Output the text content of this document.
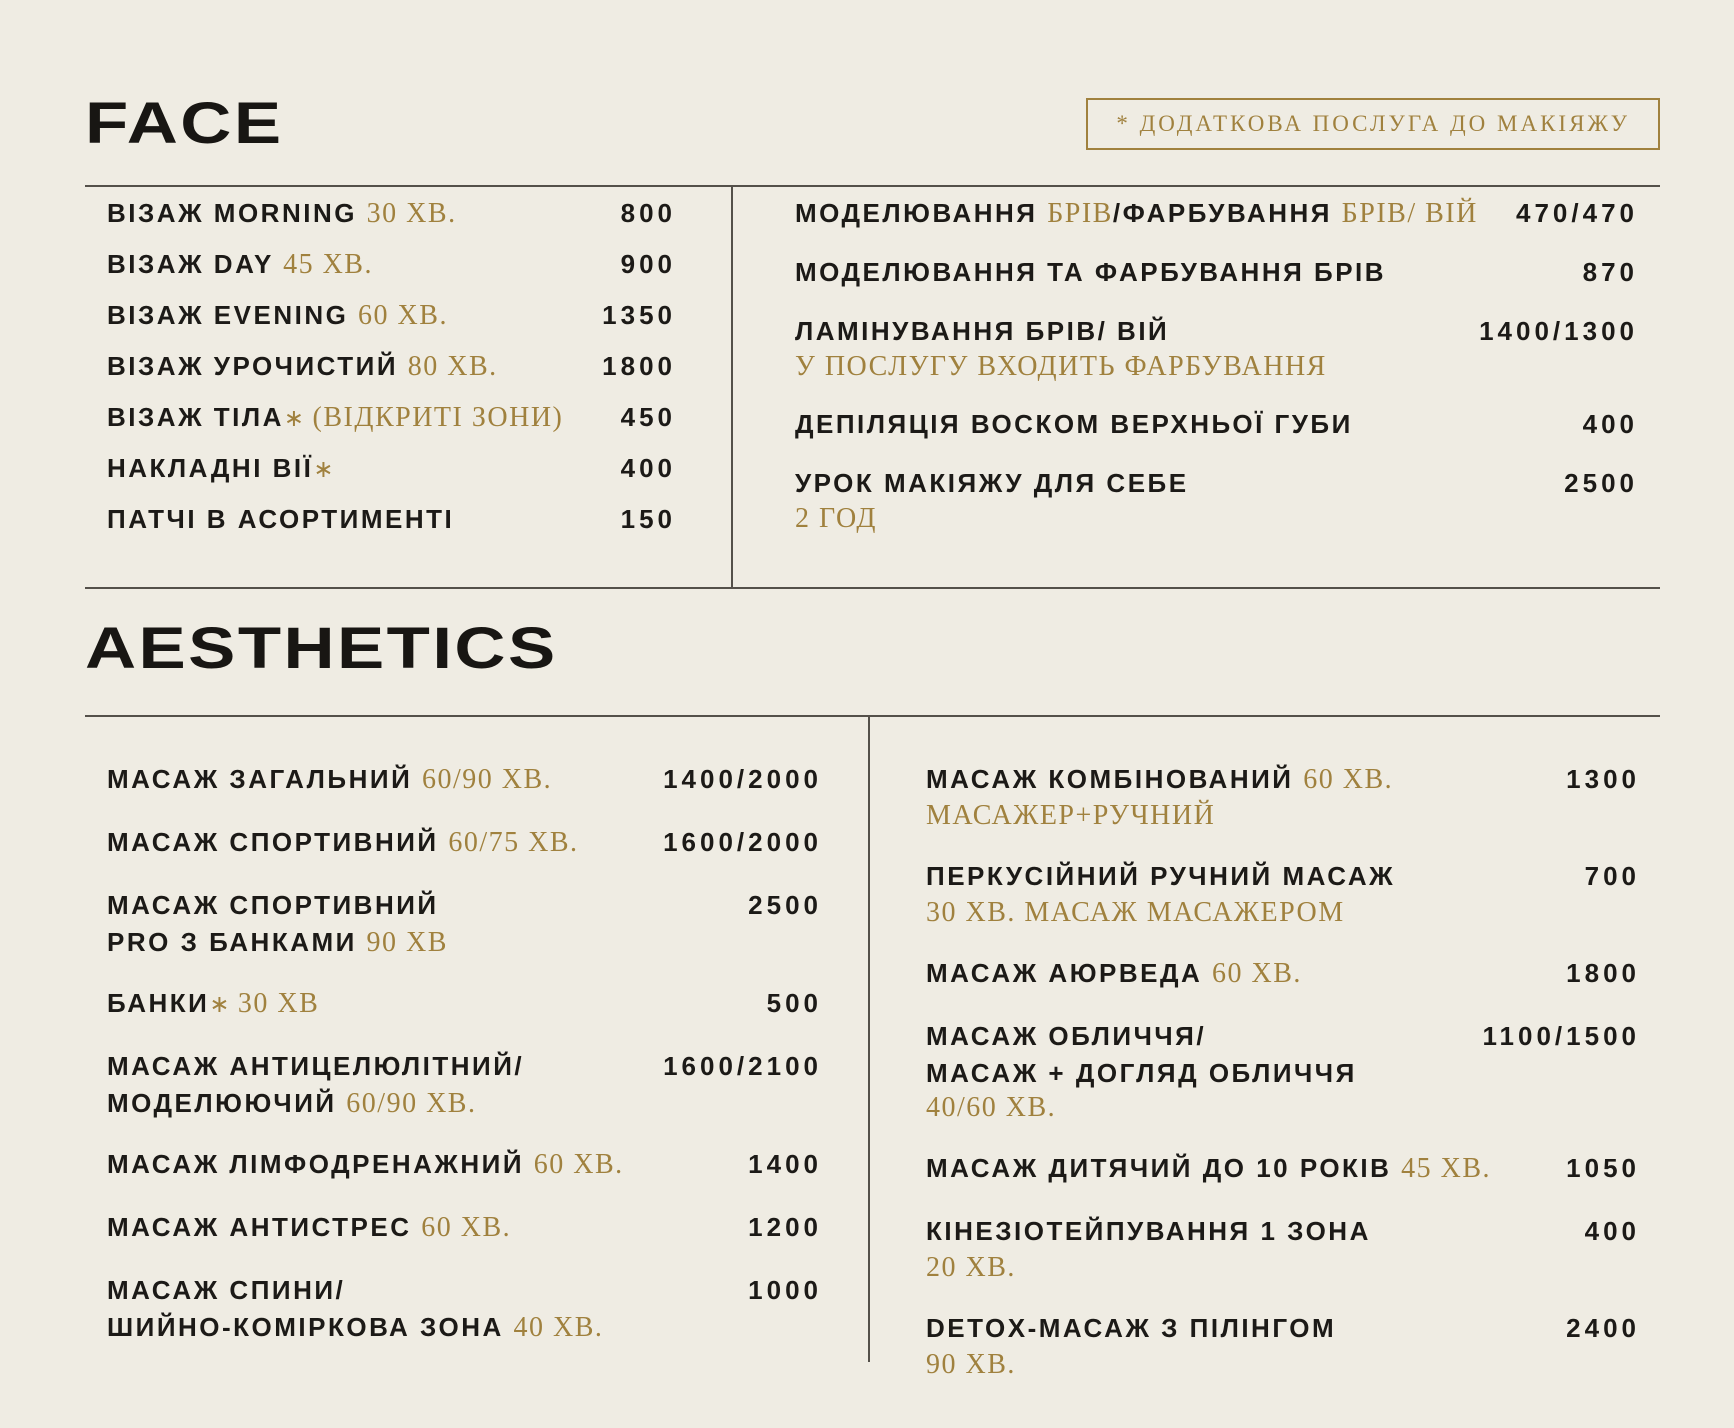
FACE	* ДОДАТКОВА ПОСЛУГА ДО МАКІЯЖУ
ВІЗАЖ MORNING 30 ХВ.	800
ВІЗАЖ DAY 45 ХВ.	900
ВІЗАЖ EVENING 60 ХВ.	1350
ВІЗАЖ УРОЧИСТИЙ 80 ХВ.	1800
ВІЗАЖ ТІЛА∗ (ВІДКРИТІ ЗОНИ)	450
НАКЛАДНІ ВІЇ∗	400
ПАТЧІ В АСОРТИМЕНТІ	150
МОДЕЛЮВАННЯ БРІВ/ФАРБУВАННЯ БРІВ/ ВІЙ	470/470
МОДЕЛЮВАННЯ ТА ФАРБУВАННЯ БРІВ	870
ЛАМІНУВАННЯ БРІВ/ ВІЙ
У ПОСЛУГУ ВХОДИТЬ ФАРБУВАННЯ
1400/1300
ДЕПІЛЯЦІЯ ВОСКОМ ВЕРХНЬОЇ ГУБИ	400
УРОК МАКІЯЖУ ДЛЯ СЕБЕ
2 ГОД
2500
AESTHETICS
МАСАЖ ЗАГАЛЬНИЙ 60/90 ХВ.	1400/2000
МАСАЖ СПОРТИВНИЙ 60/75 ХВ.	1600/2000
МАСАЖ СПОРТИВНИЙ
PRO З БАНКАМИ 90 ХВ
2500
БАНКИ∗ 30 ХВ	500
МАСАЖ АНТИЦЕЛЮЛІТНИЙ/
МОДЕЛЮЮЧИЙ 60/90 ХВ.
1600/2100
МАСАЖ ЛІМФОДРЕНАЖНИЙ 60 ХВ.	1400
МАСАЖ АНТИСТРЕС 60 ХВ.	1200
МАСАЖ СПИНИ/
ШИЙНО-КОМІРКОВА ЗОНА 40 ХВ.
1000
МАСАЖ КОМБІНОВАНИЙ 60 ХВ.
МАСАЖЕР+РУЧНИЙ
1300
ПЕРКУСІЙНИЙ РУЧНИЙ МАСАЖ
30 ХВ. МАСАЖ МАСАЖЕРОМ
700
МАСАЖ АЮРВЕДА 60 ХВ.	1800
МАСАЖ ОБЛИЧЧЯ/
МАСАЖ + ДОГЛЯД ОБЛИЧЧЯ
40/60 ХВ.
1100/1500
МАСАЖ ДИТЯЧИЙ ДО 10 РОКІВ 45 ХВ.	1050
КІНЕЗІОТЕЙПУВАННЯ 1 ЗОНА
20 ХВ.
400
DETOX-МАСАЖ З ПІЛІНГОМ
90 ХВ.
2400
